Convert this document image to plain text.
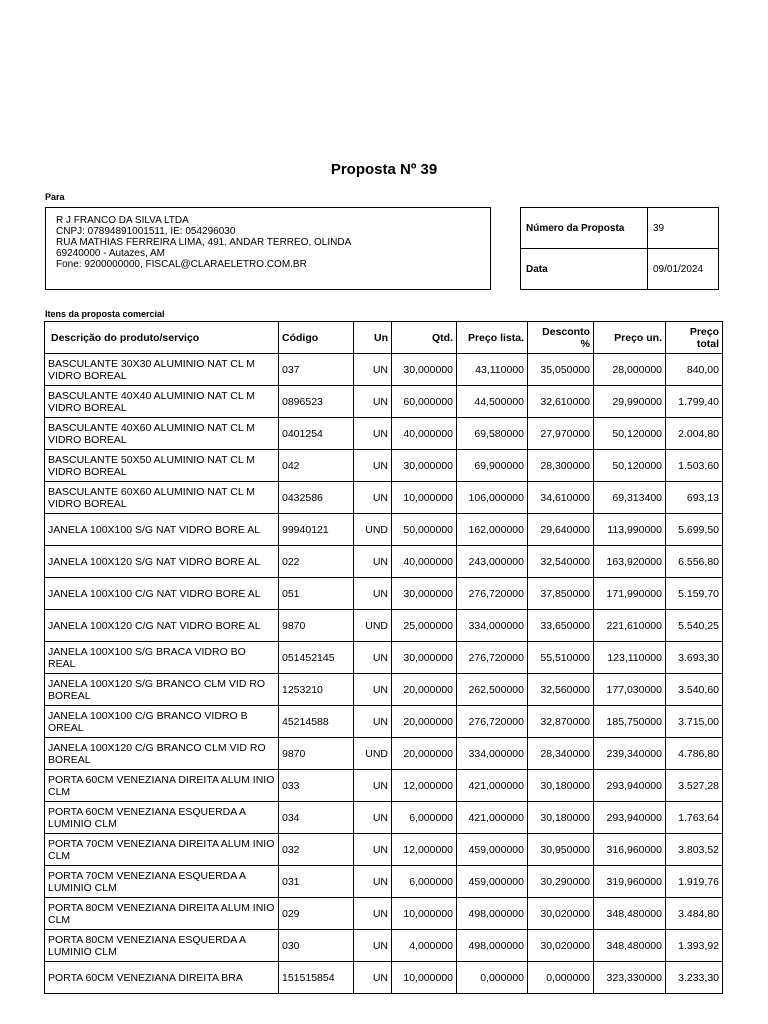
Proposta Nº 39
Para
R J FRANCO DA SILVA LTDA
CNPJ: 07894891001511, IE: 054296030
RUA MATHIAS FERREIRA LIMA, 491, ANDAR TERREO, OLINDA
69240000 - Autazes, AM
Fone: 9200000000, FISCAL@CLARAELETRO.COM.BR
Número da Proposta	39
Data	09/01/2024
Itens da proposta comercial
Descrição do produto/serviço	Código	Un	Qtd.	Preço lista.	Desconto %	Preço un.	Preço total
BASCULANTE 30X30 ALUMINIO NAT CL M VIDRO BOREAL	037	UN	30,000000	43,110000	35,050000	28,000000	840,00
BASCULANTE 40X40 ALUMINIO NAT CL M VIDRO BOREAL	0896523	UN	60,000000	44,500000	32,610000	29,990000	1.799,40
BASCULANTE 40X60 ALUMINIO NAT CL M VIDRO BOREAL	0401254	UN	40,000000	69,580000	27,970000	50,120000	2.004,80
BASCULANTE 50X50 ALUMINIO NAT CL M VIDRO BOREAL	042	UN	30,000000	69,900000	28,300000	50,120000	1.503,60
BASCULANTE 60X60 ALUMINIO NAT CL M VIDRO BOREAL	0432586	UN	10,000000	106,000000	34,610000	69,313400	693,13
JANELA 100X100 S/G NAT VIDRO BORE AL	99940121	UND	50,000000	162,000000	29,640000	113,990000	5.699,50
JANELA 100X120 S/G NAT VIDRO BORE AL	022	UN	40,000000	243,000000	32,540000	163,920000	6.556,80
JANELA 100X100 C/G NAT VIDRO BORE AL	051	UN	30,000000	276,720000	37,850000	171,990000	5.159,70
JANELA 100X120 C/G NAT VIDRO BORE AL	9870	UND	25,000000	334,000000	33,650000	221,610000	5.540,25
JANELA 100X100 S/G BRACA VIDRO BO REAL	051452145	UN	30,000000	276,720000	55,510000	123,110000	3.693,30
JANELA 100X120 S/G BRANCO CLM VID RO BOREAL	1253210	UN	20,000000	262,500000	32,560000	177,030000	3.540,60
JANELA 100X100 C/G BRANCO VIDRO B OREAL	45214588	UN	20,000000	276,720000	32,870000	185,750000	3.715,00
JANELA 100X120 C/G BRANCO CLM VID RO BOREAL	9870	UND	20,000000	334,000000	28,340000	239,340000	4.786,80
PORTA 60CM VENEZIANA DIREITA ALUM INIO CLM	033	UN	12,000000	421,000000	30,180000	293,940000	3.527,28
PORTA 60CM VENEZIANA ESQUERDA A LUMINIO CLM	034	UN	6,000000	421,000000	30,180000	293,940000	1.763,64
PORTA 70CM VENEZIANA DIREITA ALUM INIO CLM	032	UN	12,000000	459,000000	30,950000	316,960000	3.803,52
PORTA 70CM VENEZIANA ESQUERDA A LUMINIO CLM	031	UN	6,000000	459,000000	30,290000	319,960000	1.919,76
PORTA 80CM VENEZIANA DIREITA ALUM INIO CLM	029	UN	10,000000	498,000000	30,020000	348,480000	3.484,80
PORTA 80CM VENEZIANA ESQUERDA A LUMINIO CLM	030	UN	4,000000	498,000000	30,020000	348,480000	1.393,92
PORTA 60CM VENEZIANA DIREITA BRA	151515854	UN	10,000000	0,000000	0,000000	323,330000	3.233,30
